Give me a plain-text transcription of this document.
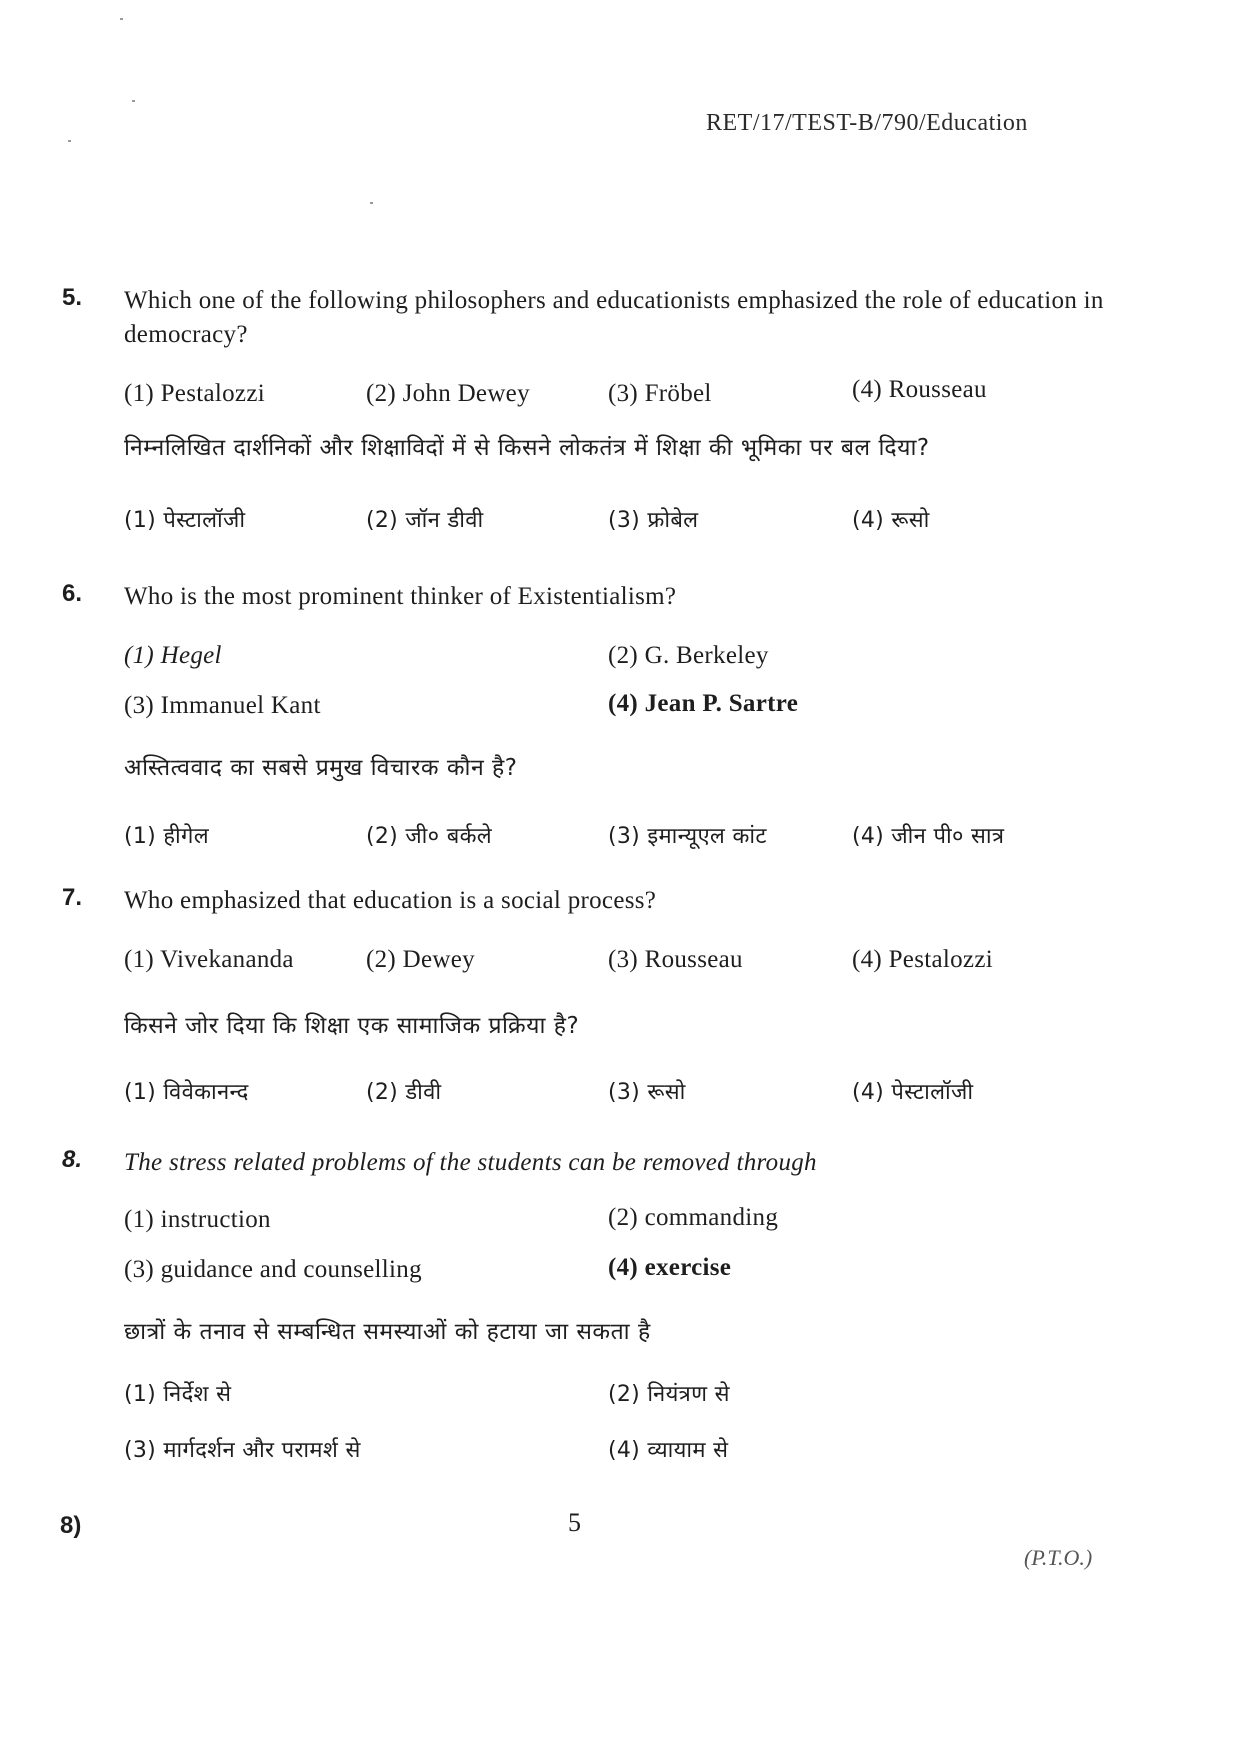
RET/17/TEST-B/790/Education
5. Which one of the following philosophers and educationists emphasized the role of education in democracy?
(1) Pestalozzi	(2) John Dewey	(3) Fröbel	(4) Rousseau
निम्नलिखित दार्शनिकों और शिक्षाविदों में से किसने लोकतंत्र में शिक्षा की भूमिका पर बल दिया?
(1) पेस्टालॉजी	(2) जॉन डीवी	(3) फ्रोबेल	(4) रूसो
6. Who is the most prominent thinker of Existentialism?
(1) Hegel	(2) G. Berkeley
(3) Immanuel Kant	(4) Jean P. Sartre
अस्तित्ववाद का सबसे प्रमुख विचारक कौन है?
(1) हीगेल	(2) जी० बर्कले	(3) इमान्यूएल कांट	(4) जीन पी० सात्र
7. Who emphasized that education is a social process?
(1) Vivekananda	(2) Dewey	(3) Rousseau	(4) Pestalozzi
किसने जोर दिया कि शिक्षा एक सामाजिक प्रक्रिया है?
(1) विवेकानन्द	(2) डीवी	(3) रूसो	(4) पेस्टालॉजी
8. The stress related problems of the students can be removed through
(1) instruction	(2) commanding
(3) guidance and counselling	(4) exercise
छात्रों के तनाव से सम्बन्धित समस्याओं को हटाया जा सकता है
(1) निर्देश से	(2) नियंत्रण से
(3) मार्गदर्शन और परामर्श से	(4) व्यायाम से
5
8)
(P.T.O.)
